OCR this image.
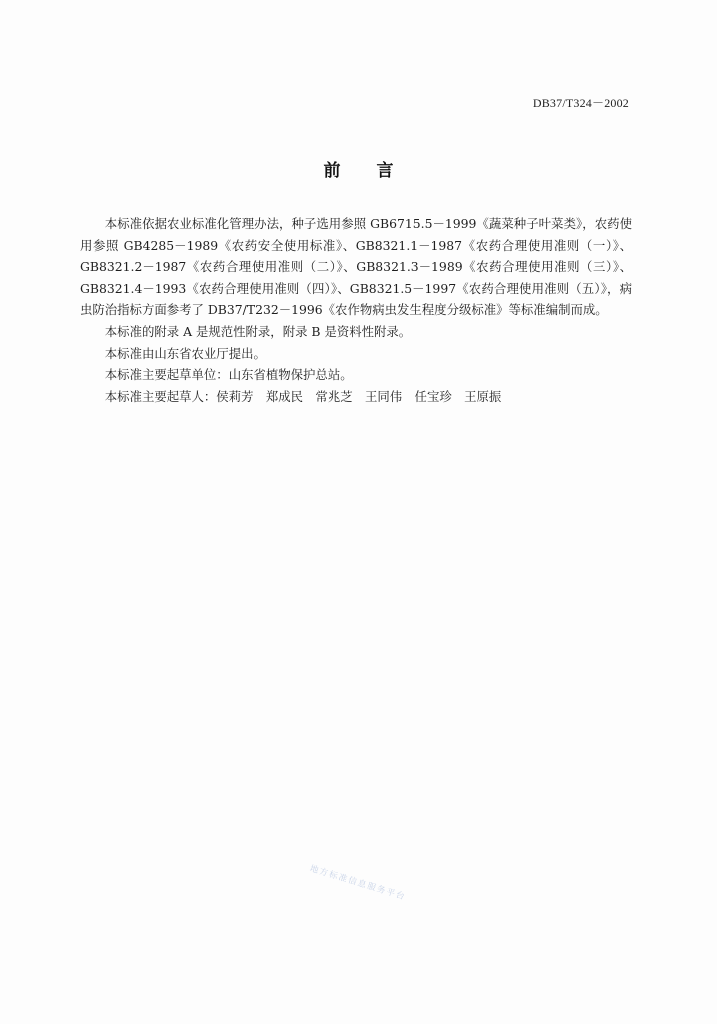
DB37/T324－2002
前言

本标准依据农业标准化管理办法，种子选用参照 GB6715.5－1999《蔬菜种子叶菜类》，农药使用参照 GB4285－1989《农药安全使用标准》、GB8321.1－1987《农药合理使用准则（一）》、GB8321.2－1987《农药合理使用准则（二）》、GB8321.3－1989《农药合理使用准则（三）》、GB8321.4－1993《农药合理使用准则（四）》、GB8321.5－1997《农药合理使用准则（五）》，病虫防治指标方面参考了 DB37/T232－1996《农作物病虫发生程度分级标准》等标准编制而成。

本标准的附录 A 是规范性附录，附录 B 是资料性附录。

本标准由山东省农业厅提出。

本标准主要起草单位：山东省植物保护总站。

本标准主要起草人：侯莉芳　郑成民　常兆芝　王同伟　任宝珍　王原振

地方标准信息服务平台
